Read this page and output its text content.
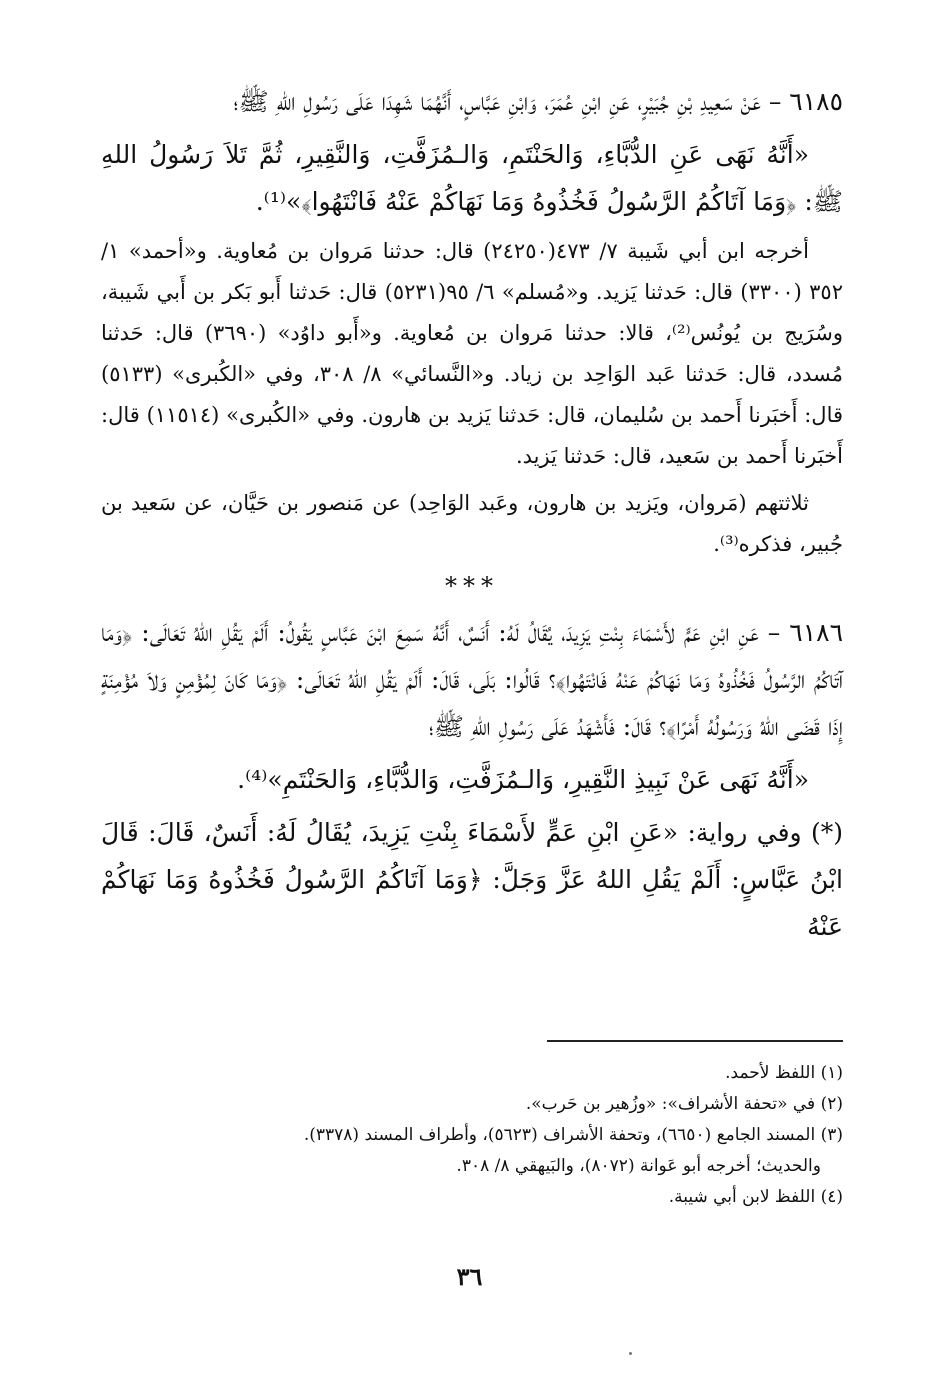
٦١٨٥ – عَنْ سَعِيدِ بْنِ جُبَيْرٍ، عَنِ ابْنِ عُمَرَ، وَابْنِ عَبَّاسٍ، أَنَّهُمَا شَهِدَا عَلَى رَسُولِ اللهِ ﷺ؛

«أَنَّهُ نَهَى عَنِ الدُّبَّاءِ، وَالحَنْتَمِ، وَالـمُزَفَّتِ، وَالنَّقِيرِ، ثُمَّ تَلاَ رَسُولُ اللهِ ﷺ: ﴿وَمَا آتَاكُمُ الرَّسُولُ فَخُذُوهُ وَمَا نَهَاكُمْ عَنْهُ فَانْتَهُوا﴾»⁽¹⁾.

أخرجه ابن أبي شَيبة ٧/ ٤٧٣(٢٤٢٥٠) قال: حدثنا مَروان بن مُعاوية. و«أحمد» ١/ ٣٥٢ (٣٣٠٠) قال: حَدثنا يَزيد. و«مُسلم» ٦/ ٩٥(٥٢٣١) قال: حَدثنا أَبو بَكر بن أَبي شَيبة، وسُرَيج بن يُونُس⁽²⁾، قالا: حدثنا مَروان بن مُعاوية. و«أَبو داوُد» (٣٦٩٠) قال: حَدثنا مُسدد، قال: حَدثنا عَبد الوَاحِد بن زياد. و«النَّسائي» ٨/ ٣٠٨، وفي «الكُبرى» (٥١٣٣) قال: أَخبَرنا أَحمد بن سُليمان، قال: حَدثنا يَزيد بن هارون. وفي «الكُبرى» (١١٥١٤) قال: أَخبَرنا أَحمد بن سَعيد، قال: حَدثنا يَزيد.

ثلاثتهم (مَروان، ويَزيد بن هارون، وعَبد الوَاحِد) عن مَنصور بن حَيَّان، عن سَعيد بن جُبير، فذكره⁽³⁾.

***

٦١٨٦ – عَنِ ابْنِ عَمٍّ لأَسْمَاءَ بِنْتِ يَزِيدَ، يُقَالُ لَهُ: أَنَسٌ، أَنَّهُ سَمِعَ ابْنَ عَبَّاسٍ يَقُولُ: أَلَمْ يَقُلِ اللهُ تَعَالَى: ﴿وَمَا آتَاكُمُ الرَّسُولُ فَخُذُوهُ وَمَا نَهَاكُمْ عَنْهُ فَانْتَهُوا﴾؟ قَالُوا: بَلَى، قَالَ: أَلَمْ يَقُلِ اللهُ تَعَالَى: ﴿وَمَا كَانَ لِمُؤْمِنٍ وَلاَ مُؤْمِنَةٍ إِذَا قَضَى اللهُ وَرَسُولُهُ أَمْرًا﴾؟ قَالَ: فَأَشْهَدُ عَلَى رَسُولِ اللهِ ﷺ؛

«أَنَّهُ نَهَى عَنْ نَبِيذِ النَّقِيرِ، وَالـمُزَفَّتِ، وَالدُّبَّاءِ، وَالحَنْتَمِ»⁽⁴⁾.

(*) وفي رواية: «عَنِ ابْنِ عَمٍّ لأَسْمَاءَ بِنْتِ يَزِيدَ، يُقَالُ لَهُ: أَنَسٌ، قَالَ: قَالَ ابْنُ عَبَّاسٍ: أَلَمْ يَقُلِ اللهُ عَزَّ وَجَلَّ: ﴿وَمَا آتَاكُمُ الرَّسُولُ فَخُذُوهُ وَمَا نَهَاكُمْ عَنْهُ

(١) اللفظ لأحمد.

(٢) في «تحفة الأشراف»: «وزُهير بن حَرب».

(٣) المسند الجامع (٦٦٥٠)، وتحفة الأشراف (٥٦٢٣)، وأطراف المسند (٣٣٧٨).

والحديث؛ أخرجه أبو عَوانة (٨٠٧٢)، والبَيهقي ٨/ ٣٠٨.

(٤) اللفظ لابن أبي شيبة.

٣٦
